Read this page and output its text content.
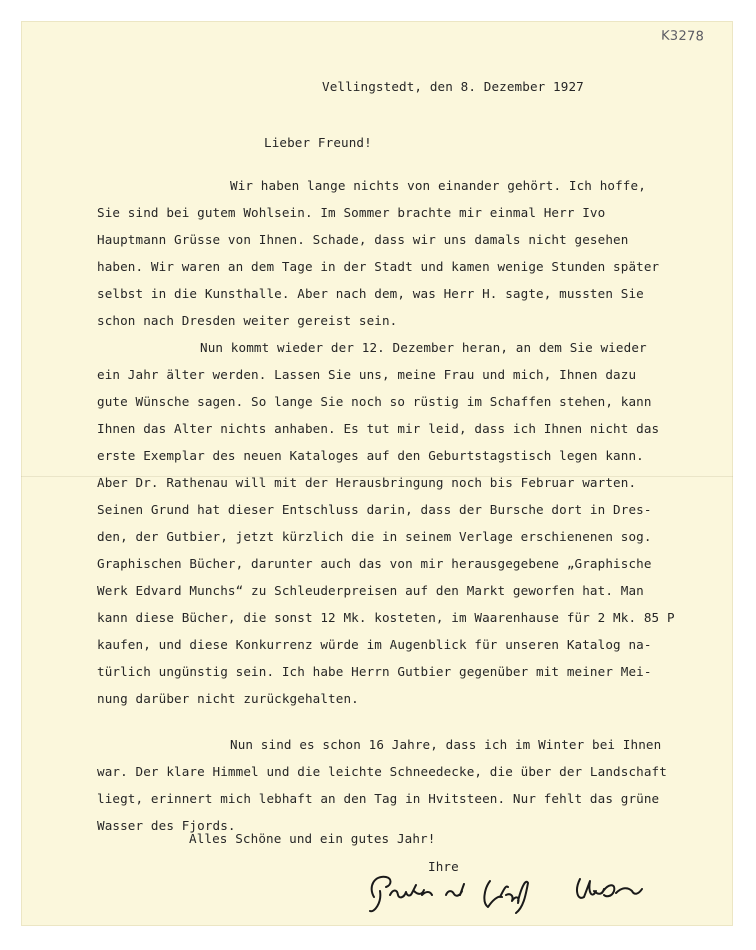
K3278
Vellingstedt, den 8. Dezember 1927
Lieber Freund!
Wir haben lange nichts von einander gehört. Ich hoffe,
Sie sind bei gutem Wohlsein. Im Sommer brachte mir einmal Herr Ivo
Hauptmann Grüsse von Ihnen. Schade, dass wir uns damals nicht gesehen
haben. Wir waren an dem Tage in der Stadt und kamen wenige Stunden später
selbst in die Kunsthalle. Aber nach dem, was Herr H. sagte, mussten Sie
schon nach Dresden weiter gereist sein.
Nun kommt wieder der 12. Dezember heran, an dem Sie wieder
ein Jahr älter werden. Lassen Sie uns, meine Frau und mich, Ihnen dazu
gute Wünsche sagen. So lange Sie noch so rüstig im Schaffen stehen, kann
Ihnen das Alter nichts anhaben. Es tut mir leid, dass ich Ihnen nicht das
erste Exemplar des neuen Kataloges auf den Geburtstagstisch legen kann.
Aber Dr. Rathenau will mit der Herausbringung noch bis Februar warten.
Seinen Grund hat dieser Entschluss darin, dass der Bursche dort in Dres-
den, der Gutbier, jetzt kürzlich die in seinem Verlage erschienenen sog.
Graphischen Bücher, darunter auch das von mir herausgegebene „Graphische
Werk Edvard Munchs“ zu Schleuderpreisen auf den Markt geworfen hat. Man
kann diese Bücher, die sonst 12 Mk. kosteten, im Waarenhause für 2 Mk. 85 P
kaufen, und diese Konkurrenz würde im Augenblick für unseren Katalog na-
türlich ungünstig sein. Ich habe Herrn Gutbier gegenüber mit meiner Mei-
nung darüber nicht zurückgehalten.
Nun sind es schon 16 Jahre, dass ich im Winter bei Ihnen
war. Der klare Himmel und die leichte Schneedecke, die über der Landschaft
liegt, erinnert mich lebhaft an den Tag in Hvitsteen. Nur fehlt das grüne
Wasser des Fjords.
Alles Schöne und ein gutes Jahr!
Ihre
